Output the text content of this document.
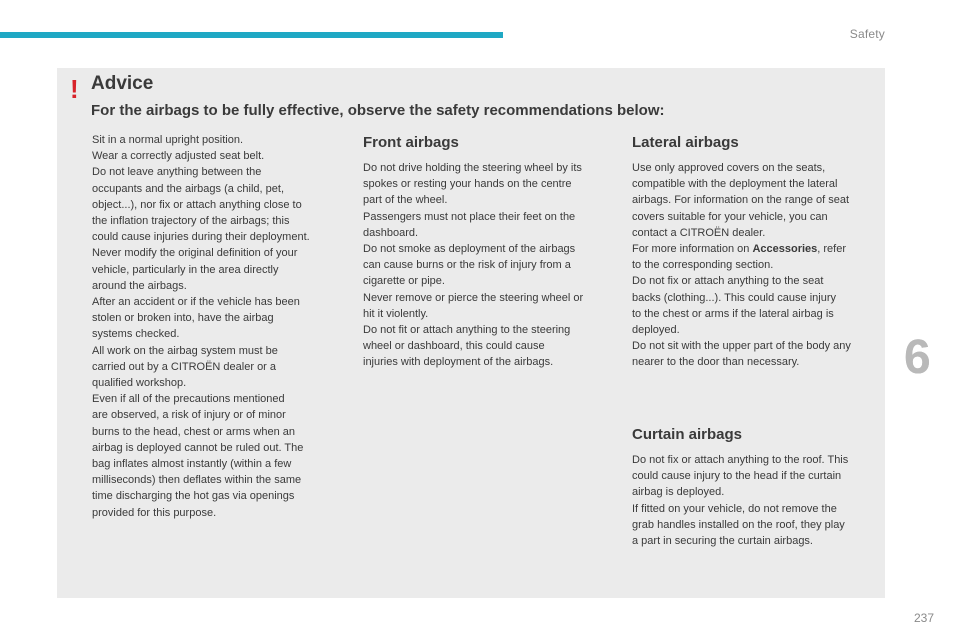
Safety
! Advice
For the airbags to be fully effective, observe the safety recommendations below:

Sit in a normal upright position.
Wear a correctly adjusted seat belt.
Do not leave anything between the
occupants and the airbags (a child, pet,
object...), nor fix or attach anything close to
the inflation trajectory of the airbags; this
could cause injuries during their deployment.
Never modify the original definition of your
vehicle, particularly in the area directly
around the airbags.
After an accident or if the vehicle has been
stolen or broken into, have the airbag
systems checked.
All work on the airbag system must be
carried out by a CITROËN dealer or a
qualified workshop.
Even if all of the precautions mentioned
are observed, a risk of injury or of minor
burns to the head, chest or arms when an
airbag is deployed cannot be ruled out. The
bag inflates almost instantly (within a few
milliseconds) then deflates within the same
time discharging the hot gas via openings
provided for this purpose.

Front airbags

Do not drive holding the steering wheel by its
spokes or resting your hands on the centre
part of the wheel.
Passengers must not place their feet on the
dashboard.
Do not smoke as deployment of the airbags
can cause burns or the risk of injury from a
cigarette or pipe.
Never remove or pierce the steering wheel or
hit it violently.
Do not fit or attach anything to the steering
wheel or dashboard, this could cause
injuries with deployment of the airbags.

Lateral airbags

Use only approved covers on the seats,
compatible with the deployment the lateral
airbags. For information on the range of seat
covers suitable for your vehicle, you can
contact a CITROËN dealer.
For more information on Accessories, refer
to the corresponding section.
Do not fix or attach anything to the seat
backs (clothing...). This could cause injury
to the chest or arms if the lateral airbag is
deployed.
Do not sit with the upper part of the body any
nearer to the door than necessary.

Curtain airbags

Do not fix or attach anything to the roof. This
could cause injury to the head if the curtain
airbag is deployed.
If fitted on your vehicle, do not remove the
grab handles installed on the roof, they play
a part in securing the curtain airbags.

6
237
